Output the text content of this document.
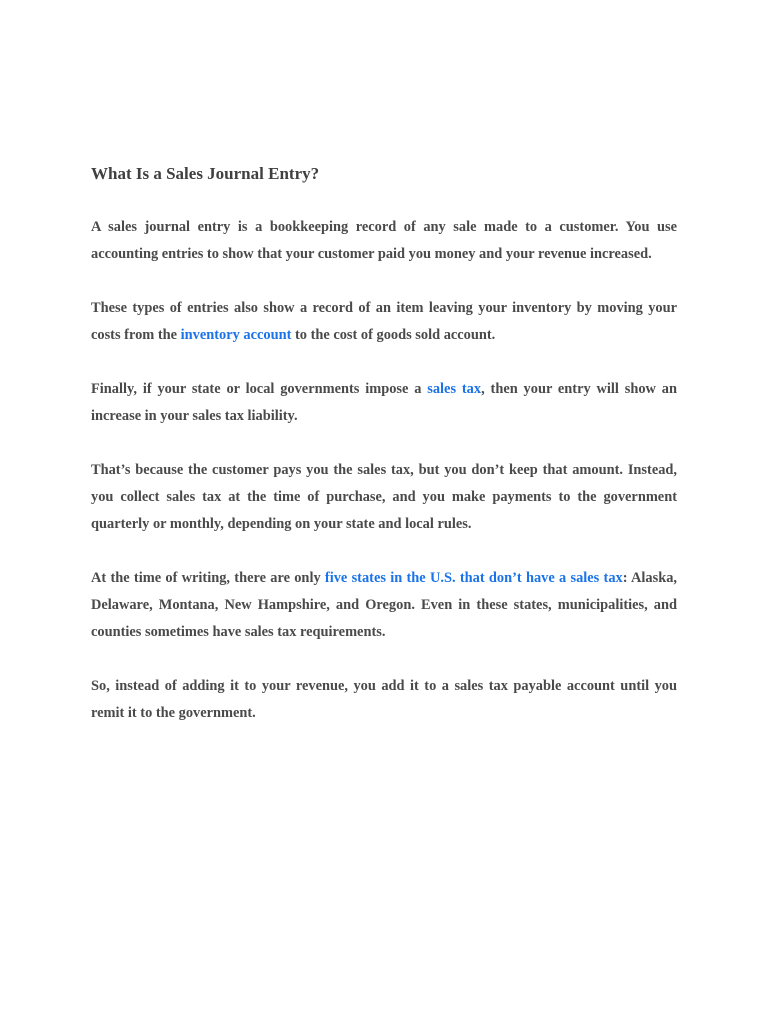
What Is a Sales Journal Entry?

A sales journal entry is a bookkeeping record of any sale made to a customer. You use accounting entries to show that your customer paid you money and your revenue increased.

These types of entries also show a record of an item leaving your inventory by moving your costs from the inventory account to the cost of goods sold account.

Finally, if your state or local governments impose a sales tax, then your entry will show an increase in your sales tax liability.

That’s because the customer pays you the sales tax, but you don’t keep that amount. Instead, you collect sales tax at the time of purchase, and you make payments to the government quarterly or monthly, depending on your state and local rules.

At the time of writing, there are only five states in the U.S. that don’t have a sales tax: Alaska, Delaware, Montana, New Hampshire, and Oregon. Even in these states, municipalities, and counties sometimes have sales tax requirements.

So, instead of adding it to your revenue, you add it to a sales tax payable account until you remit it to the government.
